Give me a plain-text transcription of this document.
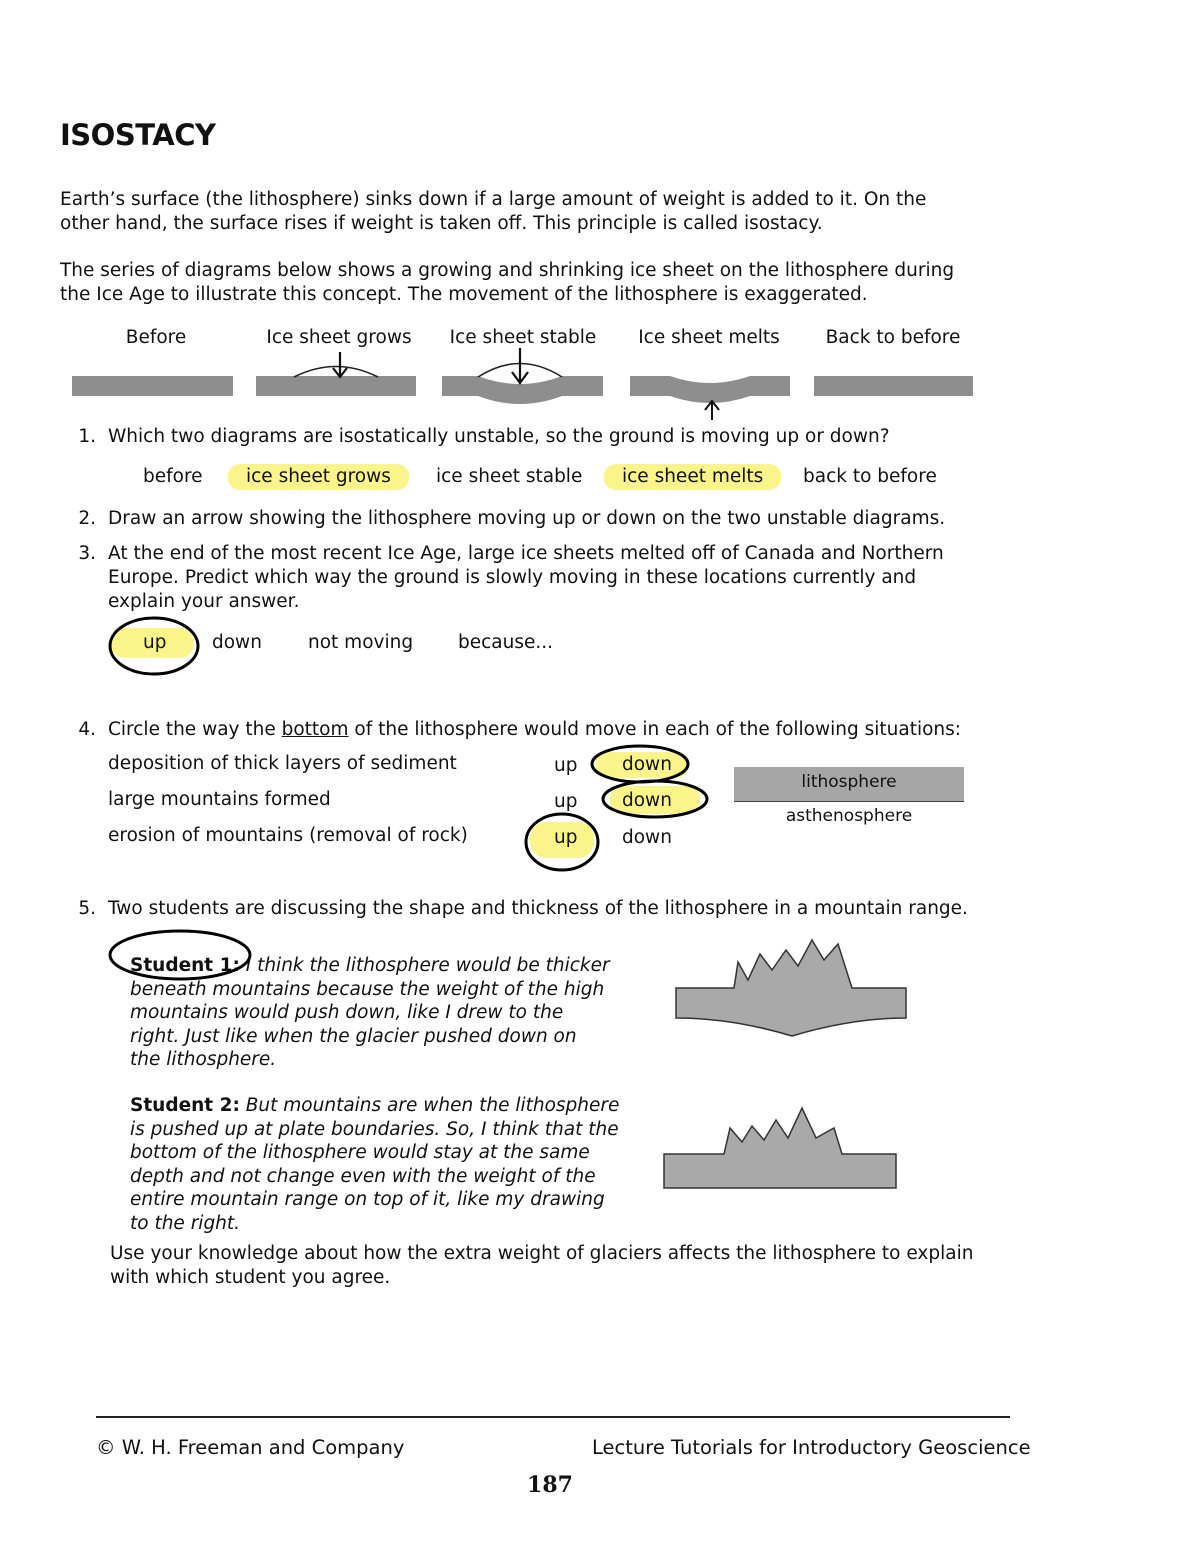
ISOSTACY
Earth’s surface (the lithosphere) sinks down if a large amount of weight is added to it. On the
other hand, the surface rises if weight is taken off. This principle is called isostacy.
The series of diagrams below shows a growing and shrinking ice sheet on the lithosphere during
the Ice Age to illustrate this concept. The movement of the lithosphere is exaggerated.
Before	Ice sheet grows	Ice sheet stable	Ice sheet melts	Back to before
1. Which two diagrams are isostatically unstable, so the ground is moving up or down?
before	ice sheet grows	ice sheet stable	ice sheet melts	back to before
2. Draw an arrow showing the lithosphere moving up or down on the two unstable diagrams.
3. At the end of the most recent Ice Age, large ice sheets melted off of Canada and Northern
Europe. Predict which way the ground is slowly moving in these locations currently and
explain your answer.
up down not moving because...
4. Circle the way the bottom of the lithosphere would move in each of the following situations:
deposition of thick layers of sediment	up down
large mountains formed	up down
erosion of mountains (removal of rock)	up down
lithosphere
asthenosphere
5. Two students are discussing the shape and thickness of the lithosphere in a mountain range.
Student 1: I think the lithosphere would be thicker
beneath mountains because the weight of the high
mountains would push down, like I drew to the
right. Just like when the glacier pushed down on
the lithosphere.
Student 2: But mountains are when the lithosphere
is pushed up at plate boundaries. So, I think that the
bottom of the lithosphere would stay at the same
depth and not change even with the weight of the
entire mountain range on top of it, like my drawing
to the right.
Use your knowledge about how the extra weight of glaciers affects the lithosphere to explain
with which student you agree.
© W. H. Freeman and Company	Lecture Tutorials for Introductory Geoscience
187
